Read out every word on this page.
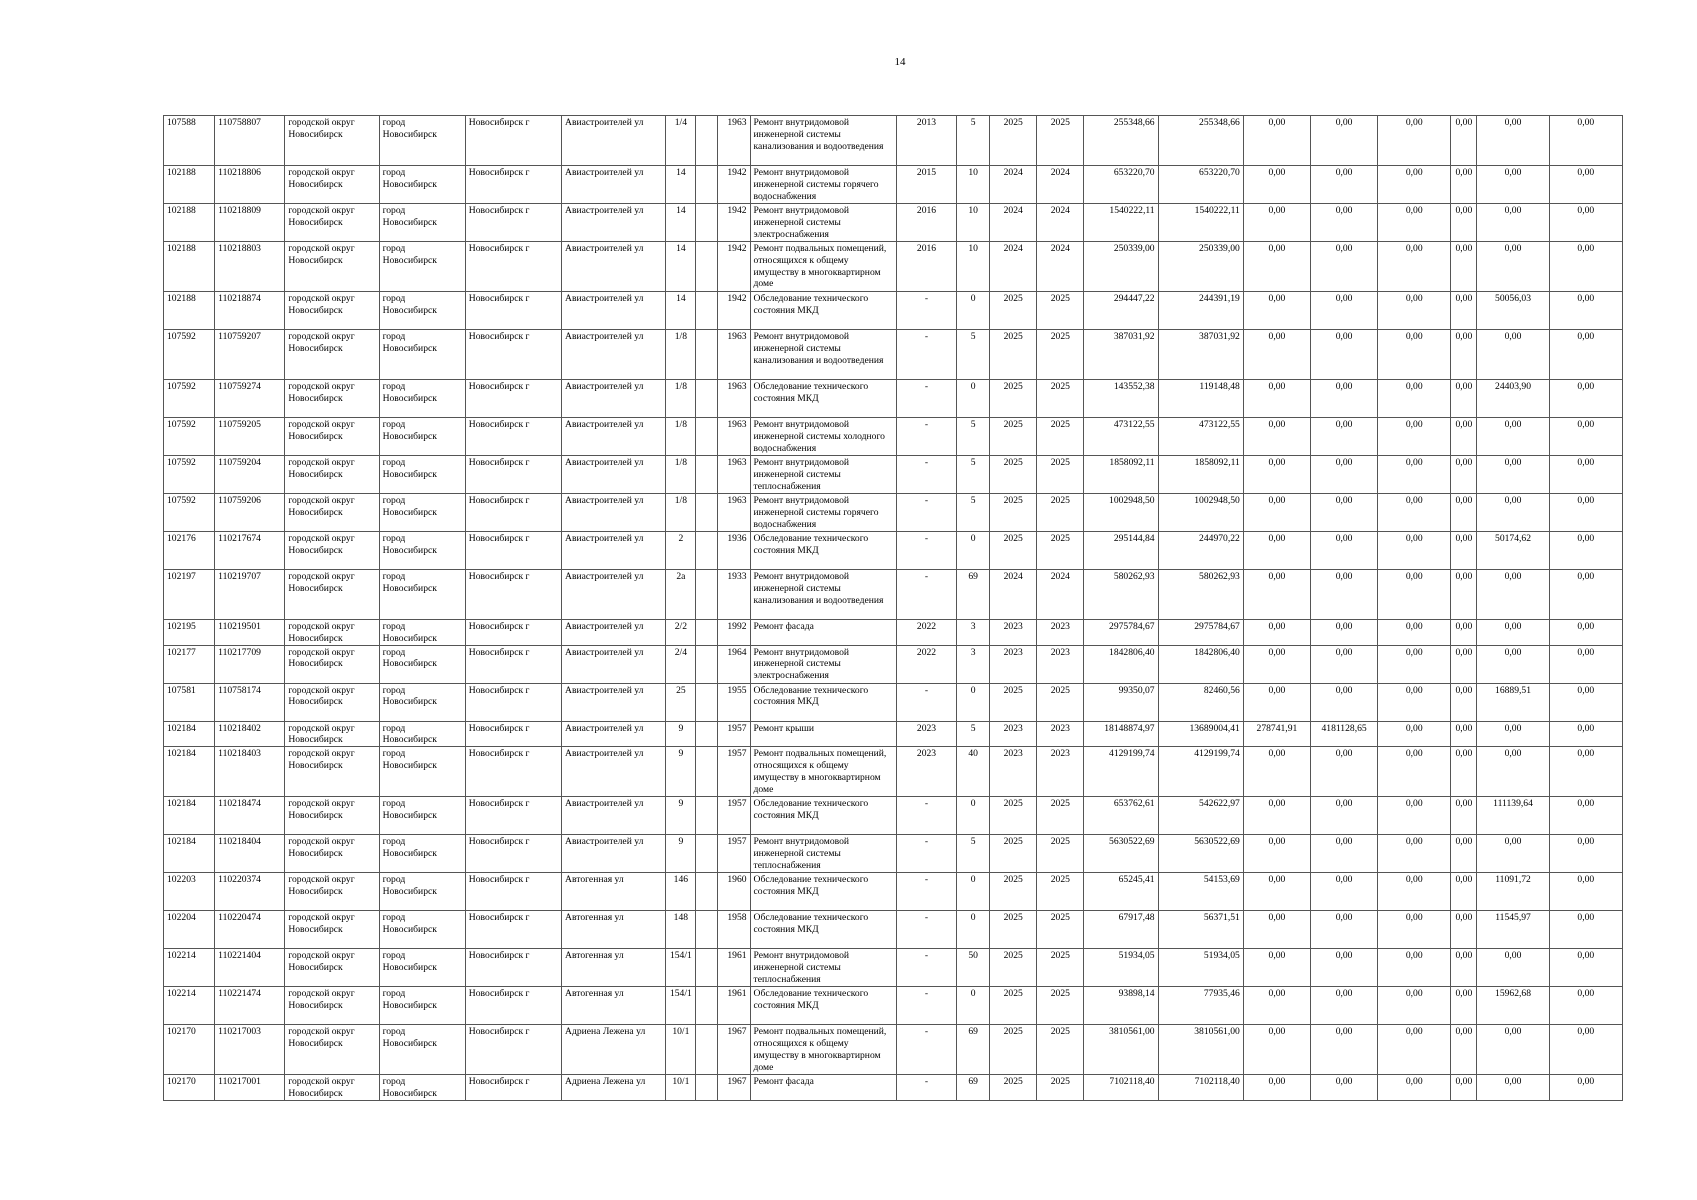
14
107588	110758807	городской округ Новосибирск	город Новосибирск	Новосибирск г	Авиастроителей ул	1/4		1963	Ремонт внутридомовой инженерной системы канализования и водоотведения	2013	5	2025	2025	255348,66	255348,66	0,00	0,00	0,00	0,00	0,00	0,00
102188	110218806	городской округ Новосибирск	город Новосибирск	Новосибирск г	Авиастроителей ул	14		1942	Ремонт внутридомовой инженерной системы горячего водоснабжения	2015	10	2024	2024	653220,70	653220,70	0,00	0,00	0,00	0,00	0,00	0,00
102188	110218809	городской округ Новосибирск	город Новосибирск	Новосибирск г	Авиастроителей ул	14		1942	Ремонт внутридомовой инженерной системы электроснабжения	2016	10	2024	2024	1540222,11	1540222,11	0,00	0,00	0,00	0,00	0,00	0,00
102188	110218803	городской округ Новосибирск	город Новосибирск	Новосибирск г	Авиастроителей ул	14		1942	Ремонт подвальных помещений, относящихся к общему имуществу в многоквартирном доме	2016	10	2024	2024	250339,00	250339,00	0,00	0,00	0,00	0,00	0,00	0,00
102188	110218874	городской округ Новосибирск	город Новосибирск	Новосибирск г	Авиастроителей ул	14		1942	Обследование технического состояния МКД	-	0	2025	2025	294447,22	244391,19	0,00	0,00	0,00	0,00	50056,03	0,00
107592	110759207	городской округ Новосибирск	город Новосибирск	Новосибирск г	Авиастроителей ул	1/8		1963	Ремонт внутридомовой инженерной системы канализования и водоотведения	-	5	2025	2025	387031,92	387031,92	0,00	0,00	0,00	0,00	0,00	0,00
107592	110759274	городской округ Новосибирск	город Новосибирск	Новосибирск г	Авиастроителей ул	1/8		1963	Обследование технического состояния МКД	-	0	2025	2025	143552,38	119148,48	0,00	0,00	0,00	0,00	24403,90	0,00
107592	110759205	городской округ Новосибирск	город Новосибирск	Новосибирск г	Авиастроителей ул	1/8		1963	Ремонт внутридомовой инженерной системы холодного водоснабжения	-	5	2025	2025	473122,55	473122,55	0,00	0,00	0,00	0,00	0,00	0,00
107592	110759204	городской округ Новосибирск	город Новосибирск	Новосибирск г	Авиастроителей ул	1/8		1963	Ремонт внутридомовой инженерной системы теплоснабжения	-	5	2025	2025	1858092,11	1858092,11	0,00	0,00	0,00	0,00	0,00	0,00
107592	110759206	городской округ Новосибирск	город Новосибирск	Новосибирск г	Авиастроителей ул	1/8		1963	Ремонт внутридомовой инженерной системы горячего водоснабжения	-	5	2025	2025	1002948,50	1002948,50	0,00	0,00	0,00	0,00	0,00	0,00
102176	110217674	городской округ Новосибирск	город Новосибирск	Новосибирск г	Авиастроителей ул	2		1936	Обследование технического состояния МКД	-	0	2025	2025	295144,84	244970,22	0,00	0,00	0,00	0,00	50174,62	0,00
102197	110219707	городской округ Новосибирск	город Новосибирск	Новосибирск г	Авиастроителей ул	2а		1933	Ремонт внутридомовой инженерной системы канализования и водоотведения	-	69	2024	2024	580262,93	580262,93	0,00	0,00	0,00	0,00	0,00	0,00
102195	110219501	городской округ Новосибирск	город Новосибирск	Новосибирск г	Авиастроителей ул	2/2		1992	Ремонт фасада	2022	3	2023	2023	2975784,67	2975784,67	0,00	0,00	0,00	0,00	0,00	0,00
102177	110217709	городской округ Новосибирск	город Новосибирск	Новосибирск г	Авиастроителей ул	2/4		1964	Ремонт внутридомовой инженерной системы электроснабжения	2022	3	2023	2023	1842806,40	1842806,40	0,00	0,00	0,00	0,00	0,00	0,00
107581	110758174	городской округ Новосибирск	город Новосибирск	Новосибирск г	Авиастроителей ул	25		1955	Обследование технического состояния МКД	-	0	2025	2025	99350,07	82460,56	0,00	0,00	0,00	0,00	16889,51	0,00
102184	110218402	городской округ Новосибирск	город Новосибирск	Новосибирск г	Авиастроителей ул	9		1957	Ремонт крыши	2023	5	2023	2023	18148874,97	13689004,41	278741,91	4181128,65	0,00	0,00	0,00	0,00
102184	110218403	городской округ Новосибирск	город Новосибирск	Новосибирск г	Авиастроителей ул	9		1957	Ремонт подвальных помещений, относящихся к общему имуществу в многоквартирном доме	2023	40	2023	2023	4129199,74	4129199,74	0,00	0,00	0,00	0,00	0,00	0,00
102184	110218474	городской округ Новосибирск	город Новосибирск	Новосибирск г	Авиастроителей ул	9		1957	Обследование технического состояния МКД	-	0	2025	2025	653762,61	542622,97	0,00	0,00	0,00	0,00	111139,64	0,00
102184	110218404	городской округ Новосибирск	город Новосибирск	Новосибирск г	Авиастроителей ул	9		1957	Ремонт внутридомовой инженерной системы теплоснабжения	-	5	2025	2025	5630522,69	5630522,69	0,00	0,00	0,00	0,00	0,00	0,00
102203	110220374	городской округ Новосибирск	город Новосибирск	Новосибирск г	Автогенная ул	146		1960	Обследование технического состояния МКД	-	0	2025	2025	65245,41	54153,69	0,00	0,00	0,00	0,00	11091,72	0,00
102204	110220474	городской округ Новосибирск	город Новосибирск	Новосибирск г	Автогенная ул	148		1958	Обследование технического состояния МКД	-	0	2025	2025	67917,48	56371,51	0,00	0,00	0,00	0,00	11545,97	0,00
102214	110221404	городской округ Новосибирск	город Новосибирск	Новосибирск г	Автогенная ул	154/1		1961	Ремонт внутридомовой инженерной системы теплоснабжения	-	50	2025	2025	51934,05	51934,05	0,00	0,00	0,00	0,00	0,00	0,00
102214	110221474	городской округ Новосибирск	город Новосибирск	Новосибирск г	Автогенная ул	154/1		1961	Обследование технического состояния МКД	-	0	2025	2025	93898,14	77935,46	0,00	0,00	0,00	0,00	15962,68	0,00
102170	110217003	городской округ Новосибирск	город Новосибирск	Новосибирск г	Адриена Лежена ул	10/1		1967	Ремонт подвальных помещений, относящихся к общему имуществу в многоквартирном доме	-	69	2025	2025	3810561,00	3810561,00	0,00	0,00	0,00	0,00	0,00	0,00
102170	110217001	городской округ Новосибирск	город Новосибирск	Новосибирск г	Адриена Лежена ул	10/1		1967	Ремонт фасада	-	69	2025	2025	7102118,40	7102118,40	0,00	0,00	0,00	0,00	0,00	0,00
